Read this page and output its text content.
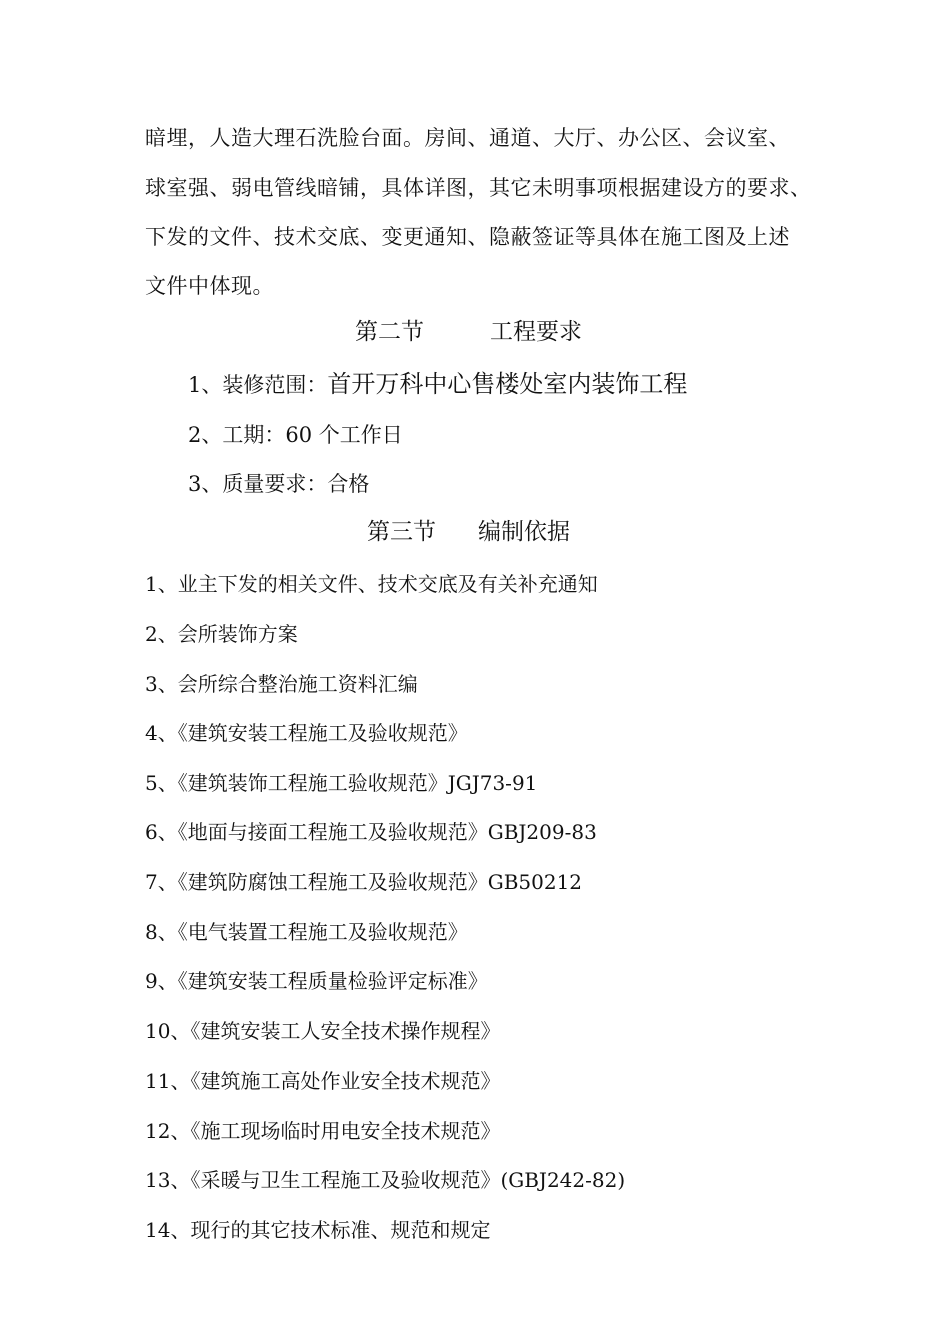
暗埋，人造大理石洗脸台面。房间、通道、大厅、办公区、会议室、
球室强、弱电管线暗铺，具体详图，其它未明事项根据建设方的要求、
下发的文件、技术交底、变更通知、隐蔽签证等具体在施工图及上述
文件中体现。
第二节	工程要求
1、装修范围：首开万科中心售楼处室内装饰工程
2、工期：60 个工作日
3、质量要求：合格
第三节 编制依据
1、业主下发的相关文件、技术交底及有关补充通知
2、会所装饰方案
3、会所综合整治施工资料汇编
4、《建筑安装工程施工及验收规范》
5、《建筑装饰工程施工验收规范》JGJ73-91
6、《地面与接面工程施工及验收规范》GBJ209-83
7、《建筑防腐蚀工程施工及验收规范》GB50212
8、《电气装置工程施工及验收规范》
9、《建筑安装工程质量检验评定标准》
10、《建筑安装工人安全技术操作规程》
11、《建筑施工高处作业安全技术规范》
12、《施工现场临时用电安全技术规范》
13、《采暖与卫生工程施工及验收规范》(GBJ242-82)
14、现行的其它技术标准、规范和规定
